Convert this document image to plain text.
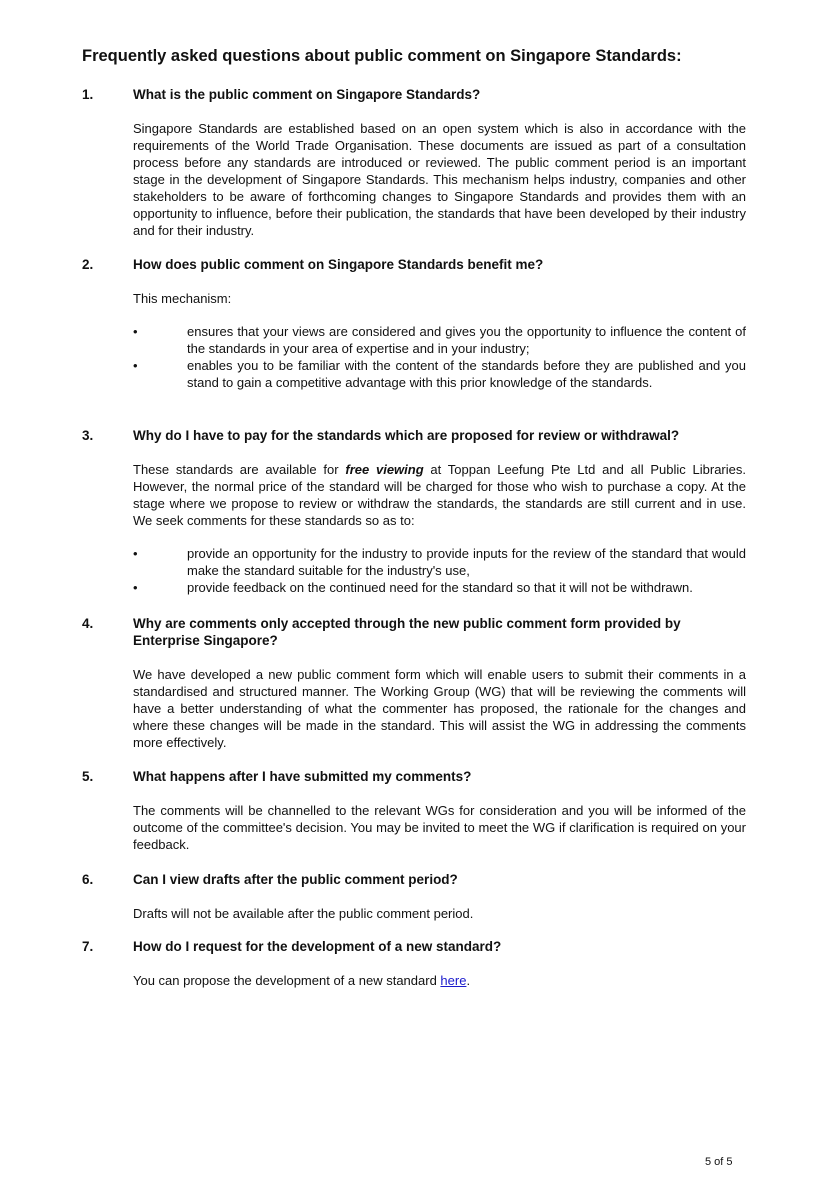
Frequently asked questions about public comment on Singapore Standards:
1.	What is the public comment on Singapore Standards?

Singapore Standards are established based on an open system which is also in accordance with the requirements of the World Trade Organisation. These documents are issued as part of a consultation process before any standards are introduced or reviewed. The public comment period is an important stage in the development of Singapore Standards. This mechanism helps industry, companies and other stakeholders to be aware of forthcoming changes to Singapore Standards and provides them with an opportunity to influence, before their publication, the standards that have been developed by their industry and for their industry.

2.	How does public comment on Singapore Standards benefit me?

This mechanism:

•	ensures that your views are considered and gives you the opportunity to influence the content of the standards in your area of expertise and in your industry;

•	enables you to be familiar with the content of the standards before they are published and you stand to gain a competitive advantage with this prior knowledge of the standards.

3.	Why do I have to pay for the standards which are proposed for review or withdrawal?

These standards are available for free viewing at Toppan Leefung Pte Ltd and all Public Libraries. However, the normal price of the standard will be charged for those who wish to purchase a copy. At the stage where we propose to review or withdraw the standards, the standards are still current and in use. We seek comments for these standards so as to:

•	provide an opportunity for the industry to provide inputs for the review of the standard that would make the standard suitable for the industry's use,

•	provide feedback on the continued need for the standard so that it will not be withdrawn.

4.	Why are comments only accepted through the new public comment form provided by Enterprise Singapore?

We have developed a new public comment form which will enable users to submit their comments in a standardised and structured manner. The Working Group (WG) that will be reviewing the comments will have a better understanding of what the commenter has proposed, the rationale for the changes and where these changes will be made in the standard. This will assist the WG in addressing the comments more effectively.

5.	What happens after I have submitted my comments?

The comments will be channelled to the relevant WGs for consideration and you will be informed of the outcome of the committee's decision. You may be invited to meet the WG if clarification is required on your feedback.

6.	Can I view drafts after the public comment period?

Drafts will not be available after the public comment period.

7.	How do I request for the development of a new standard?

You can propose the development of a new standard here.

5 of 5
